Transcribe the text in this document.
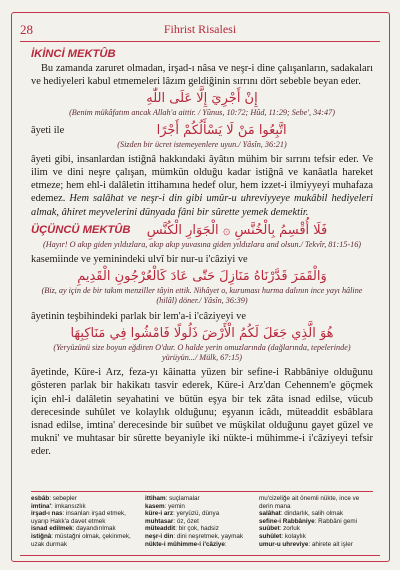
28	Fihrist Risalesi
İKİNCİ MEKTÛB

Bu zamanda zaruret olmadan, irşad-ı nâsa ve neşr-i dine çalışanların, sadakaları ve hediyeleri kabul etmemeleri lâzım geldiğinin sırrını dört sebeble beyan eder.

إِنْ أَجْرِيَ إِلَّا عَلَى اللّٰهِ
(Benim mükâfatım ancak Allah'a aittir. / Yûnus, 10:72; Hûd, 11:29; Sebe', 34:47)
âyeti ile	اتَّبِعُوا مَنْ لَا يَسْأَلُكُمْ أَجْرًا
(Sizden bir ücret istemeyenlere uyun./ Yâsîn, 36:21)

âyeti gibi, insanlardan istiğnâ hakkındaki âyâtın mühim bir sırrını tefsir eder. Ve ilim ve dini neşre çalışan, mümkün olduğu kadar istiğnâ ve kanâatla hareket etmeze; hem ehl-i dalâletin ittihamına hedef olur, hem izzet-i ilmiyyeyi muhafaza edemez. Hem salâhat ve neşr-i din gibi umûr-u uhreviyyeye mukâbil hediyeleri almak, âhiret meyvelerini dünyada fâni bir sûrette yemek demektir.

ÜÇÜNCÜ MEKTÛB	فَلَا أُقْسِمُ بِالْخُنَّسِ ۞ الْجَوَارِ الْكُنَّسِ
(Hayır! O akıp giden yıldızlara, akıp akıp yuvasına giden yıldızlara and olsun./ Tekvîr, 81:15-16)

kasemiinde ve yeminindeki ulvî bir nur-u i'câziyi ve

وَالْقَمَرَ قَدَّرْنَاهُ مَنَازِلَ حَتّٰى عَادَ كَالْعُرْجُونِ الْقَدِيمِ
(Biz, ay için de bir takım menziller tâyin ettik. Nihâyet o, kuruması hurma dalının ince yayı hâline (hilâl) döner./ Yâsîn, 36:39)

âyetinin teşbihindeki parlak bir lem'a-i i'câziyeyi ve

هُوَ الَّذِي جَعَلَ لَكُمُ الْأَرْضَ ذَلُولًا فَامْشُوا فِي مَنَاكِبِهَا
(Yeryüzünü size boyun eğdiren O'dur. O halde yerin omuzlarında (dağlarında, tepelerinde) yürüyün.../ Mülk, 67:15)

âyetinde, Küre-i Arz, feza-yı kâinatta yüzen bir sefine-i Rabbâniye olduğunu gösteren parlak bir hakikatı tasvir ederek, Küre-i Arz'dan Cehennem'e göçmek için ehl-i dalâletin seyahatini ve bütün eşya bir tek zâta isnad edilse, vücub derecesinde suhûlet ve kolaylık olduğunu; eşyanın icâdı, müteaddit esbâblara isnad edilse, imtina' derecesinde bir suûbet ve müşkilat olduğunu gayet güzel ve mukni' ve muhtasar bir sûrette beyaniyle iki nükte-i mühimme-i i'câziyeyi tefsir eder.

esbâb: sebepler
imtina': imkansızlık
irşad-ı nas: insanları irşad etmek,
uyarıp Hakk'a davet etmek
isnad edilmek: dayandırılmak
istiğnâ: müstağni olmak, çekinmek,
uzak durmak
ittiham: suçlamalar
kasem: yemin
küre-i arz: yeryüzü, dünya
muhtasar: öz, özet
müteaddit: bir çok, hadsiz
neşr-i din: dini neşretmek, yaymak
nükte-i mühimme-i i'câziye:
mu'cizeliğe ait önemli nükte, ince ve
derin mana
salâhat: dindarlık, salih olmak
sefine-i Rabbâniye: Rabbâni gemi
suûbet: zorluk
suhûlet: kolaylık
umur-u uhreviye: ahirete ait işler
